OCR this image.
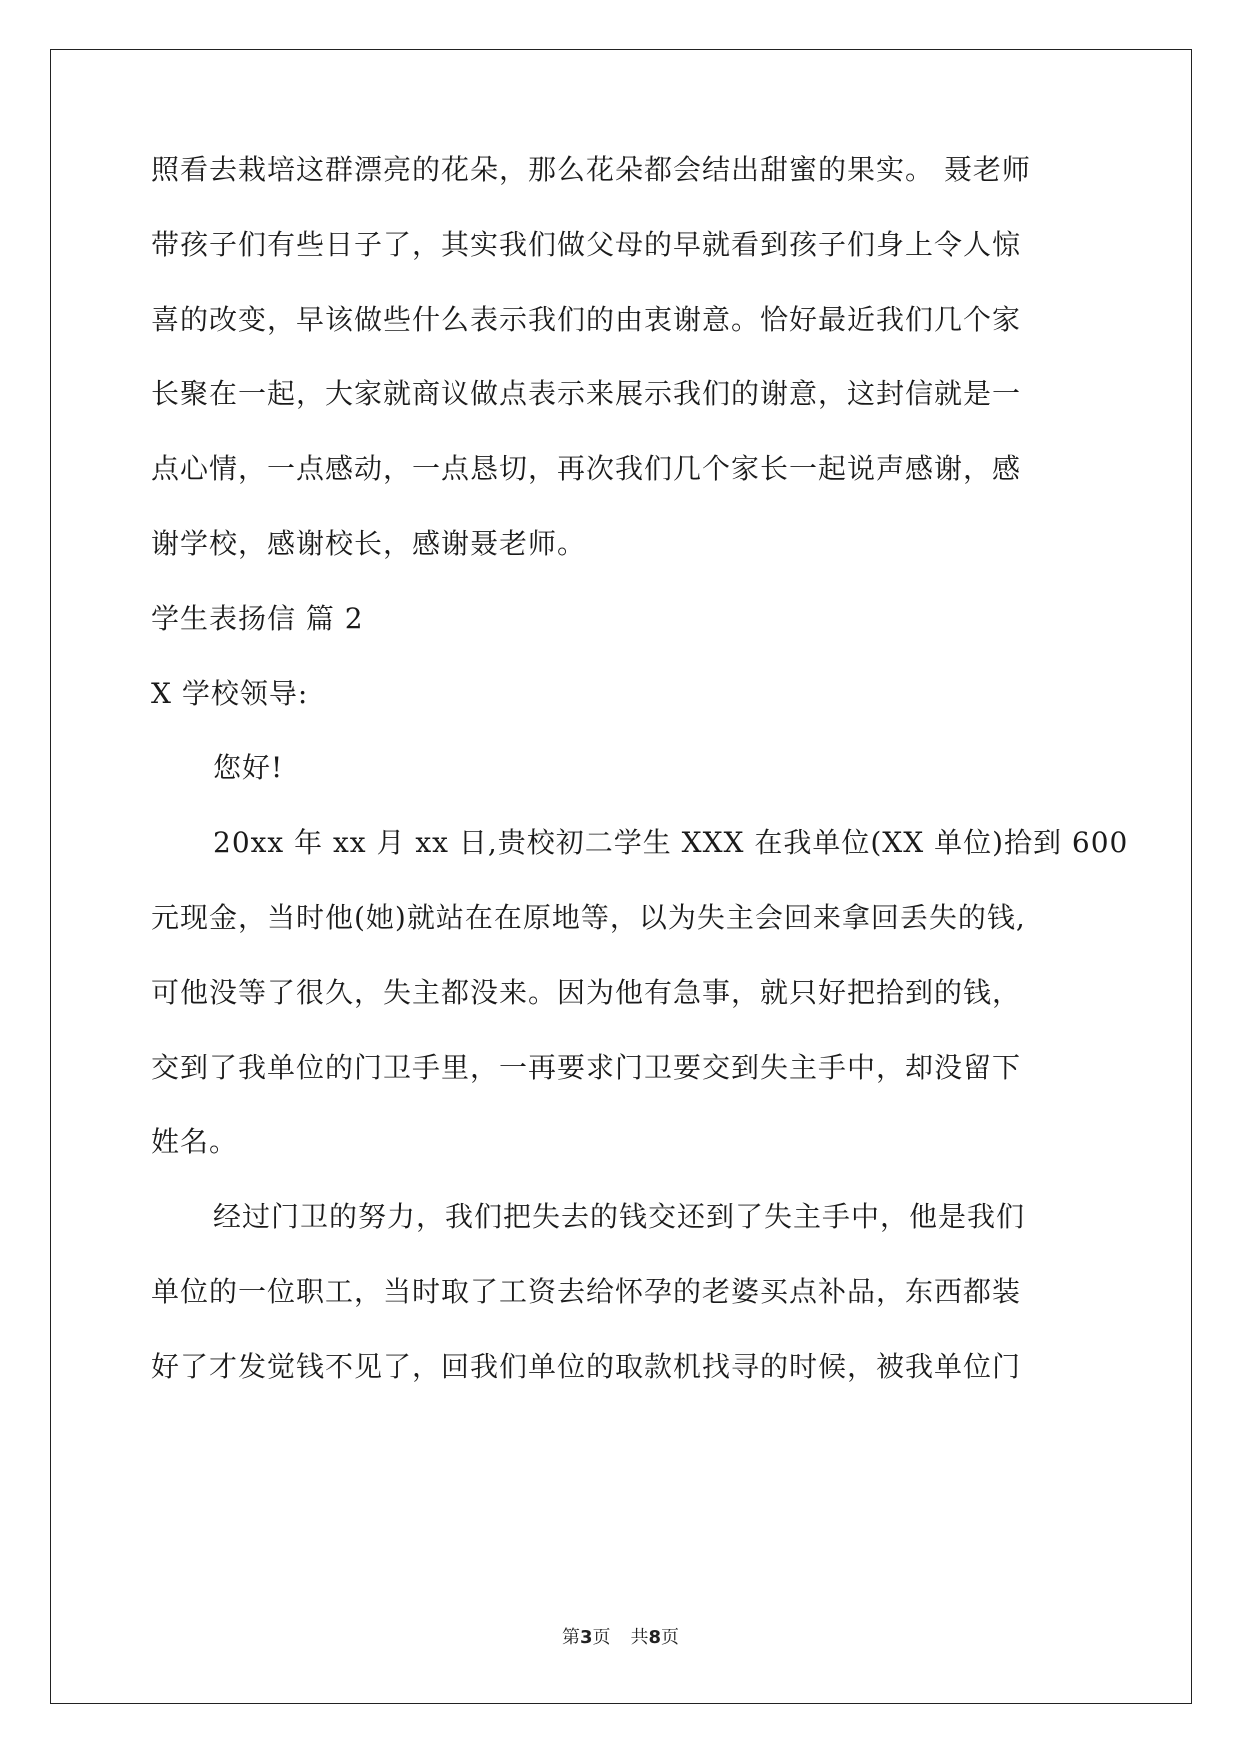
照看去栽培这群漂亮的花朵，那么花朵都会结出甜蜜的果实。 聂老师
带孩子们有些日子了，其实我们做父母的早就看到孩子们身上令人惊
喜的改变，早该做些什么表示我们的由衷谢意。恰好最近我们几个家
长聚在一起，大家就商议做点表示来展示我们的谢意，这封信就是一
点心情，一点感动，一点恳切，再次我们几个家长一起说声感谢，感
谢学校，感谢校长，感谢聂老师。
学生表扬信 篇 2
X 学校领导:
您好!
20xx 年 xx 月 xx 日,贵校初二学生 XXX 在我单位(XX 单位)拾到 600
元现金，当时他(她)就站在在原地等，以为失主会回来拿回丢失的钱,
可他没等了很久，失主都没来。因为他有急事，就只好把拾到的钱，
交到了我单位的门卫手里，一再要求门卫要交到失主手中，却没留下
姓名。
经过门卫的努力，我们把失去的钱交还到了失主手中，他是我们
单位的一位职工，当时取了工资去给怀孕的老婆买点补品，东西都装
好了才发觉钱不见了，回我们单位的取款机找寻的时候，被我单位门
第3页 共8页
